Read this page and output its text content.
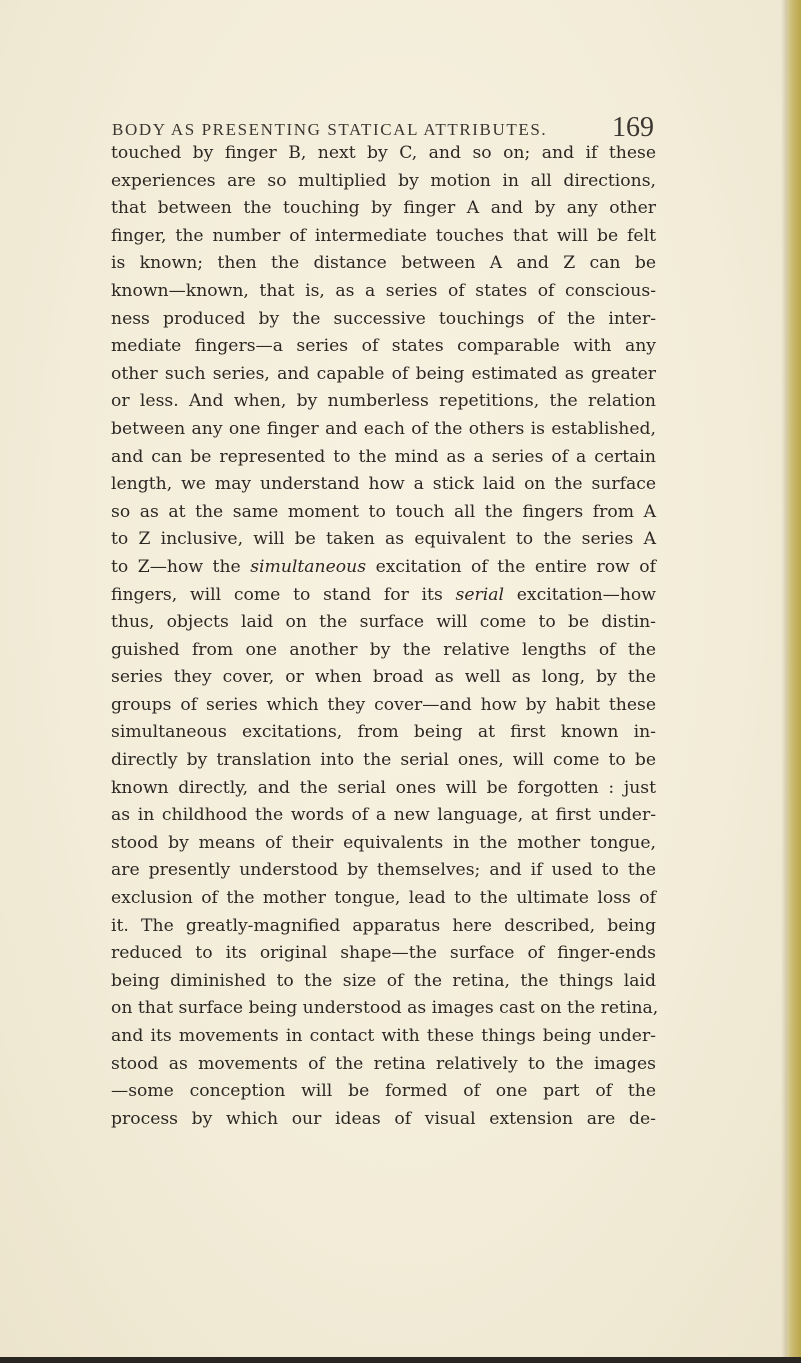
BODY AS PRESENTING STATICAL ATTRIBUTES. 169
touched by finger B, next by C, and so on; and if these
experiences are so multiplied by motion in all directions,
that between the touching by finger A and by any other
finger, the number of intermediate touches that will be felt
is known; then the distance between A and Z can be
known—known, that is, as a series of states of conscious-
ness produced by the successive touchings of the inter-
mediate fingers—a series of states comparable with any
other such series, and capable of being estimated as greater
or less. And when, by numberless repetitions, the relation
between any one finger and each of the others is established,
and can be represented to the mind as a series of a certain
length, we may understand how a stick laid on the surface
so as at the same moment to touch all the fingers from A
to Z inclusive, will be taken as equivalent to the series A
to Z—how the simultaneous excitation of the entire row of
fingers, will come to stand for its serial excitation—how
thus, objects laid on the surface will come to be distin-
guished from one another by the relative lengths of the
series they cover, or when broad as well as long, by the
groups of series which they cover—and how by habit these
simultaneous excitations, from being at first known in-
directly by translation into the serial ones, will come to be
known directly, and the serial ones will be forgotten : just
as in childhood the words of a new language, at first under-
stood by means of their equivalents in the mother tongue,
are presently understood by themselves; and if used to the
exclusion of the mother tongue, lead to the ultimate loss of
it. The greatly-magnified apparatus here described, being
reduced to its original shape—the surface of finger-ends
being diminished to the size of the retina, the things laid
on that surface being understood as images cast on the retina,
and its movements in contact with these things being under-
stood as movements of the retina relatively to the images
—some conception will be formed of one part of the
process by which our ideas of visual extension are de-
